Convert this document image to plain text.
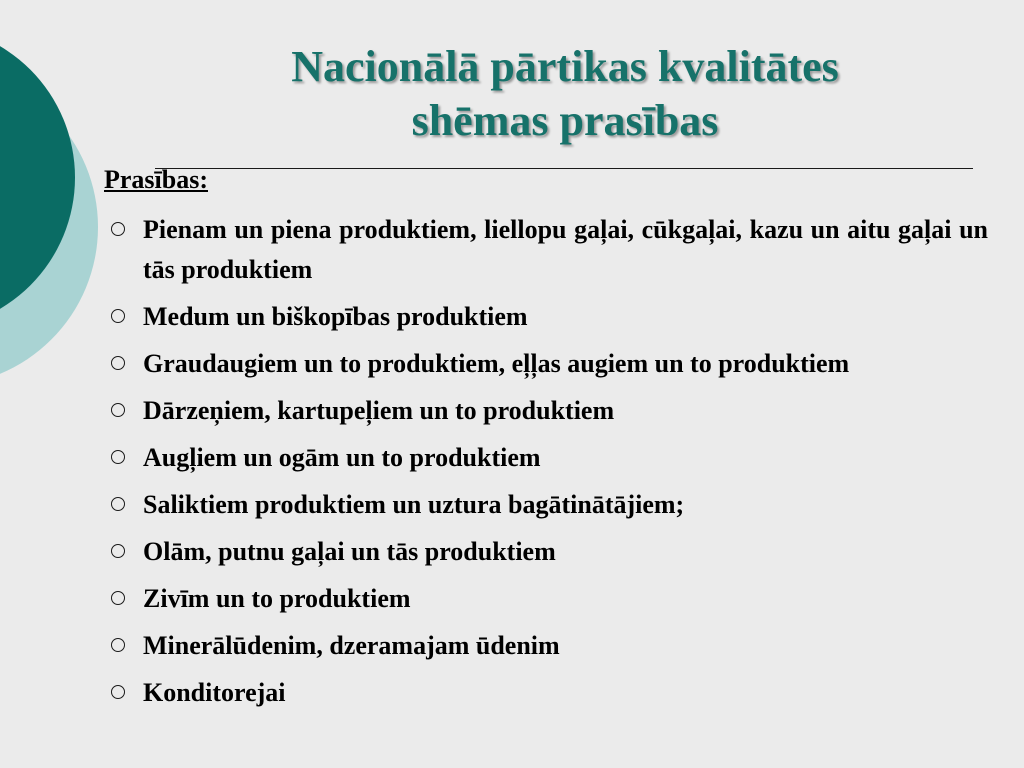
Nacionālā pārtikas kvalitātes
shēmas prasības

Prasības:

Pienam un piena produktiem, liellopu gaļai, cūkgaļai, kazu un aitu gaļai un tās produktiem
Medum un biškopības produktiem
Graudaugiem un to produktiem, eļļas augiem un to produktiem
Dārzeņiem, kartupeļiem un to produktiem
Augļiem un ogām un to produktiem
Saliktiem produktiem un uztura bagātinātājiem;
Olām, putnu gaļai un tās produktiem
Zivīm un to produktiem
Minerālūdenim, dzeramajam ūdenim
Konditorejai
